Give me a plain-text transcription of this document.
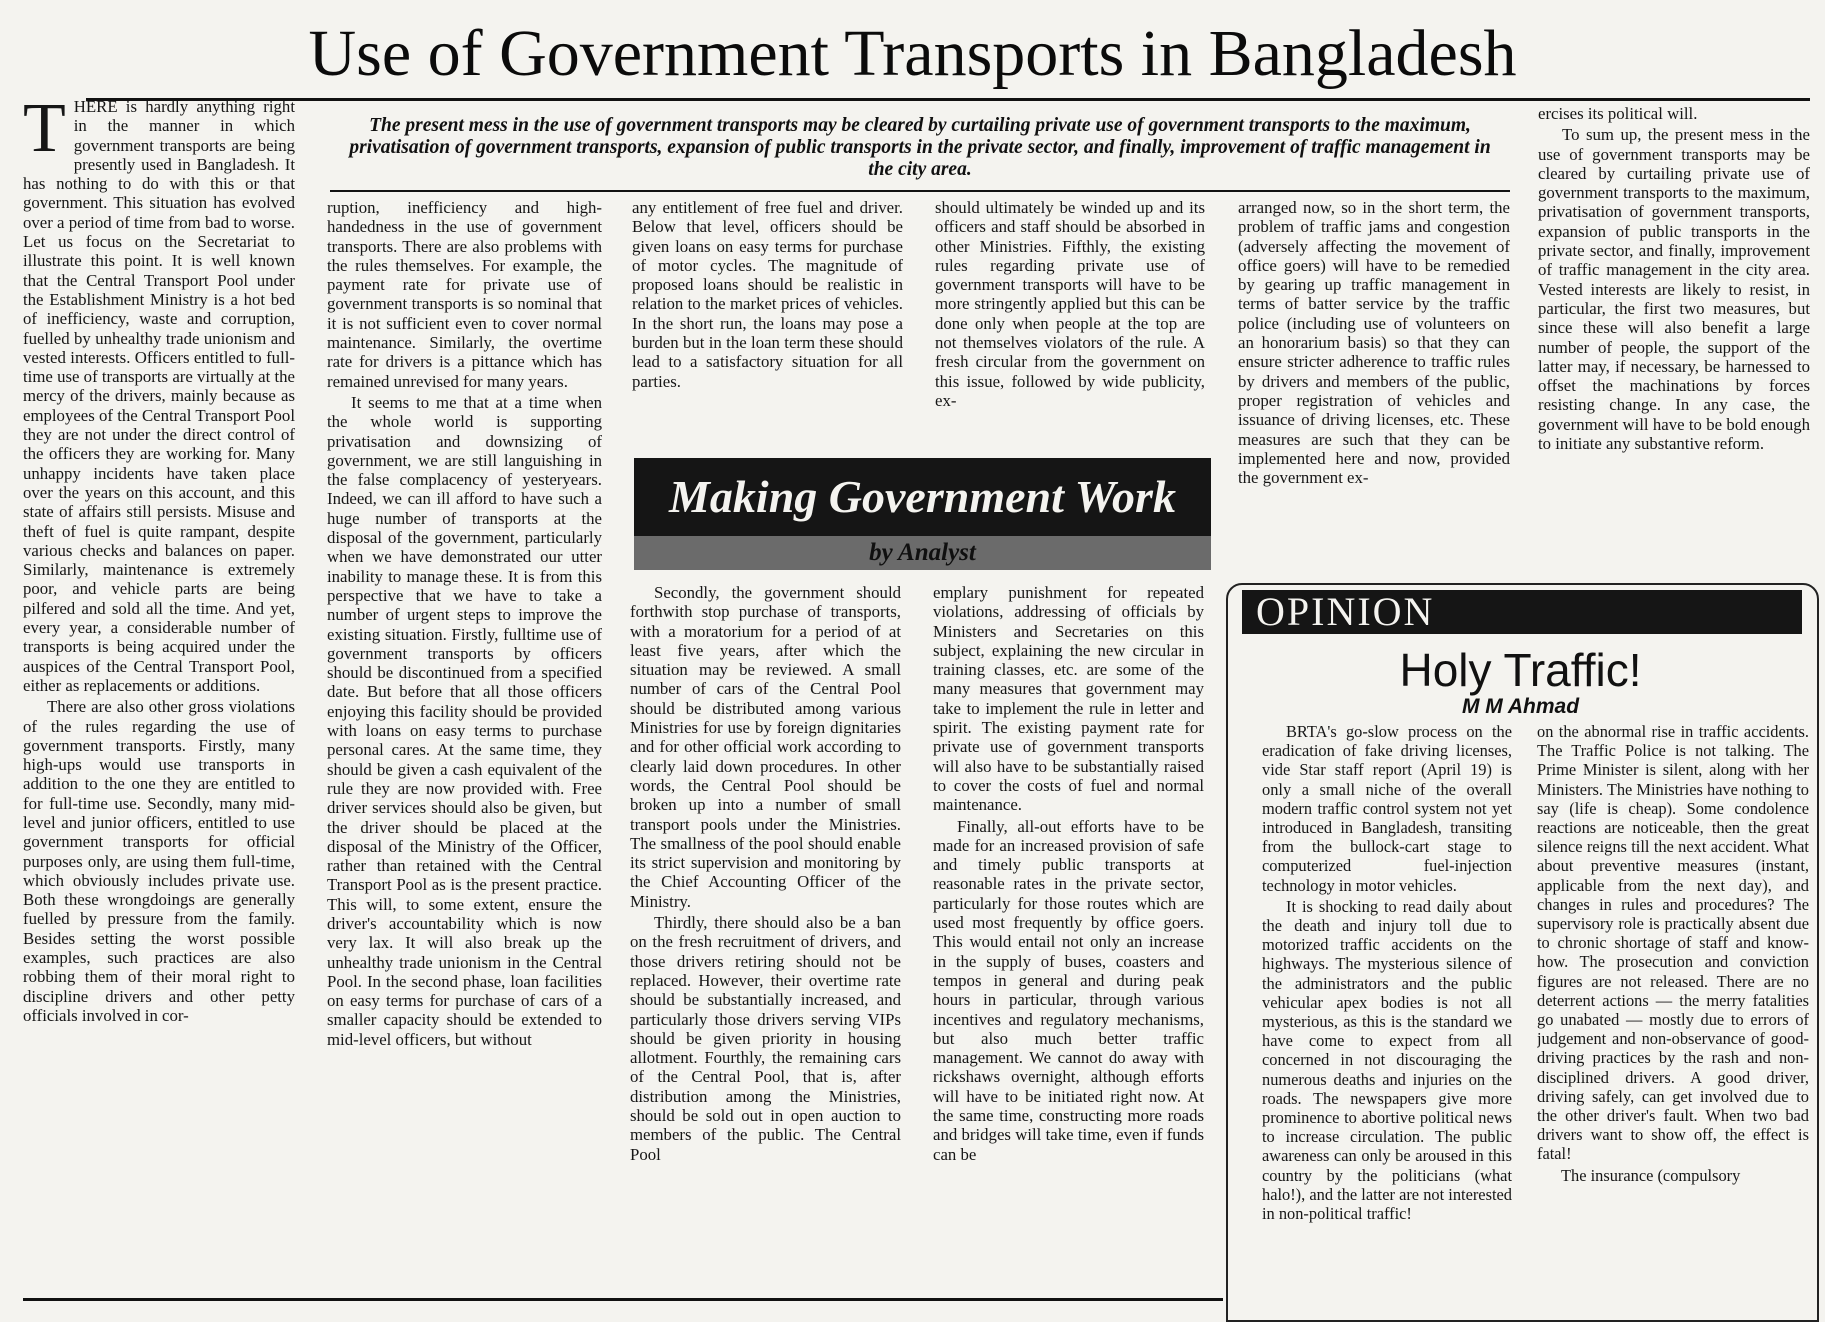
Use of Government Transports in Bangladesh

THERE is hardly anything right in the manner in which government transports are being presently used in Bangladesh. It has nothing to do with this or that government. This situation has evolved over a period of time from bad to worse. Let us focus on the Secretariat to illustrate this point. It is well known that the Central Transport Pool under the Establishment Ministry is a hot bed of inefficiency, waste and corruption, fuelled by unhealthy trade unionism and vested interests. Officers entitled to full-time use of transports are virtually at the mercy of the drivers, mainly because as employees of the Central Transport Pool they are not under the direct control of the officers they are working for. Many unhappy incidents have taken place over the years on this account, and this state of affairs still persists. Misuse and theft of fuel is quite rampant, despite various checks and balances on paper. Similarly, maintenance is extremely poor, and vehicle parts are being pilfered and sold all the time. And yet, every year, a considerable number of transports is being acquired under the auspices of the Central Transport Pool, either as replacements or additions.

There are also other gross violations of the rules regarding the use of government transports. Firstly, many high-ups would use transports in addition to the one they are entitled to for full-time use. Secondly, many mid-level and junior officers, entitled to use government transports for official purposes only, are using them full-time, which obviously includes private use. Both these wrongdoings are generally fuelled by pressure from the family. Besides setting the worst possible examples, such practices are also robbing them of their moral right to discipline drivers and other petty officials involved in cor-

The present mess in the use of government transports may be cleared by curtailing private use of government transports to the maximum, privatisation of government transports, expansion of public transports in the private sector, and finally, improvement of traffic management in the city area.

ruption, inefficiency and high-handedness in the use of government transports. There are also problems with the rules themselves. For example, the payment rate for private use of government transports is so nominal that it is not sufficient even to cover normal maintenance. Similarly, the overtime rate for drivers is a pittance which has remained unrevised for many years.

It seems to me that at a time when the whole world is supporting privatisation and downsizing of government, we are still languishing in the false complacency of yesteryears. Indeed, we can ill afford to have such a huge number of transports at the disposal of the government, particularly when we have demonstrated our utter inability to manage these. It is from this perspective that we have to take a number of urgent steps to improve the existing situation. Firstly, fulltime use of government transports by officers should be discontinued from a specified date. But before that all those officers enjoying this facility should be provided with loans on easy terms to purchase personal cares. At the same time, they should be given a cash equivalent of the rule they are now provided with. Free driver services should also be given, but the driver should be placed at the disposal of the Ministry of the Officer, rather than retained with the Central Transport Pool as is the present practice. This will, to some extent, ensure the driver's accountability which is now very lax. It will also break up the unhealthy trade unionism in the Central Pool. In the second phase, loan facilities on easy terms for purchase of cars of a smaller capacity should be extended to mid-level officers, but without

any entitlement of free fuel and driver. Below that level, officers should be given loans on easy terms for purchase of motor cycles. The magnitude of proposed loans should be realistic in relation to the market prices of vehicles. In the short run, the loans may pose a burden but in the loan term these should lead to a satisfactory situation for all parties.

should ultimately be winded up and its officers and staff should be absorbed in other Ministries. Fifthly, the existing rules regarding private use of government transports will have to be more stringently applied but this can be done only when people at the top are not themselves violators of the rule. A fresh circular from the government on this issue, followed by wide publicity, ex-

Making Government Work
by Analyst

Secondly, the government should forthwith stop purchase of transports, with a moratorium for a period of at least five years, after which the situation may be reviewed. A small number of cars of the Central Pool should be distributed among various Ministries for use by foreign dignitaries and for other official work according to clearly laid down procedures. In other words, the Central Pool should be broken up into a number of small transport pools under the Ministries. The smallness of the pool should enable its strict supervision and monitoring by the Chief Accounting Officer of the Ministry.

Thirdly, there should also be a ban on the fresh recruitment of drivers, and those drivers retiring should not be replaced. However, their overtime rate should be substantially increased, and particularly those drivers serving VIPs should be given priority in housing allotment. Fourthly, the remaining cars of the Central Pool, that is, after distribution among the Ministries, should be sold out in open auction to members of the public. The Central Pool

emplary punishment for repeated violations, addressing of officials by Ministers and Secretaries on this subject, explaining the new circular in training classes, etc. are some of the many measures that government may take to implement the rule in letter and spirit. The existing payment rate for private use of government transports will also have to be substantially raised to cover the costs of fuel and normal maintenance.

Finally, all-out efforts have to be made for an increased provision of safe and timely public transports at reasonable rates in the private sector, particularly for those routes which are used most frequently by office goers. This would entail not only an increase in the supply of buses, coasters and tempos in general and during peak hours in particular, through various incentives and regulatory mechanisms, but also much better traffic management. We cannot do away with rickshaws overnight, although efforts will have to be initiated right now. At the same time, constructing more roads and bridges will take time, even if funds can be

arranged now, so in the short term, the problem of traffic jams and congestion (adversely affecting the movement of office goers) will have to be remedied by gearing up traffic management in terms of batter service by the traffic police (including use of volunteers on an honorarium basis) so that they can ensure stricter adherence to traffic rules by drivers and members of the public, proper registration of vehicles and issuance of driving licenses, etc. These measures are such that they can be implemented here and now, provided the government ex-

ercises its political will.

To sum up, the present mess in the use of government transports may be cleared by curtailing private use of government transports to the maximum, privatisation of government transports, expansion of public transports in the private sector, and finally, improvement of traffic management in the city area. Vested interests are likely to resist, in particular, the first two measures, but since these will also benefit a large number of people, the support of the latter may, if necessary, be harnessed to offset the machinations by forces resisting change. In any case, the government will have to be bold enough to initiate any substantive reform.

OPINION
Holy Traffic!
M M Ahmad

BRTA's go-slow process on the eradication of fake driving licenses, vide Star staff report (April 19) is only a small niche of the overall modern traffic control system not yet introduced in Bangladesh, transiting from the bullock-cart stage to computerized fuel-injection technology in motor vehicles.

It is shocking to read daily about the death and injury toll due to motorized traffic accidents on the highways. The mysterious silence of the administrators and the public vehicular apex bodies is not all mysterious, as this is the standard we have come to expect from all concerned in not discouraging the numerous deaths and injuries on the roads. The newspapers give more prominence to abortive political news to increase circulation. The public awareness can only be aroused in this country by the politicians (what halo!), and the latter are not interested in non-political traffic!

on the abnormal rise in traffic accidents. The Traffic Police is not talking. The Prime Minister is silent, along with her Ministers. The Ministries have nothing to say (life is cheap). Some condolence reactions are noticeable, then the great silence reigns till the next accident. What about preventive measures (instant, applicable from the next day), and changes in rules and procedures? The supervisory role is practically absent due to chronic shortage of staff and know-how. The prosecution and conviction figures are not released. There are no deterrent actions — the merry fatalities go unabated — mostly due to errors of judgement and non-observance of good-driving practices by the rash and non-disciplined drivers. A good driver, driving safely, can get involved due to the other driver's fault. When two bad drivers want to show off, the effect is fatal!

The insurance (compulsory
